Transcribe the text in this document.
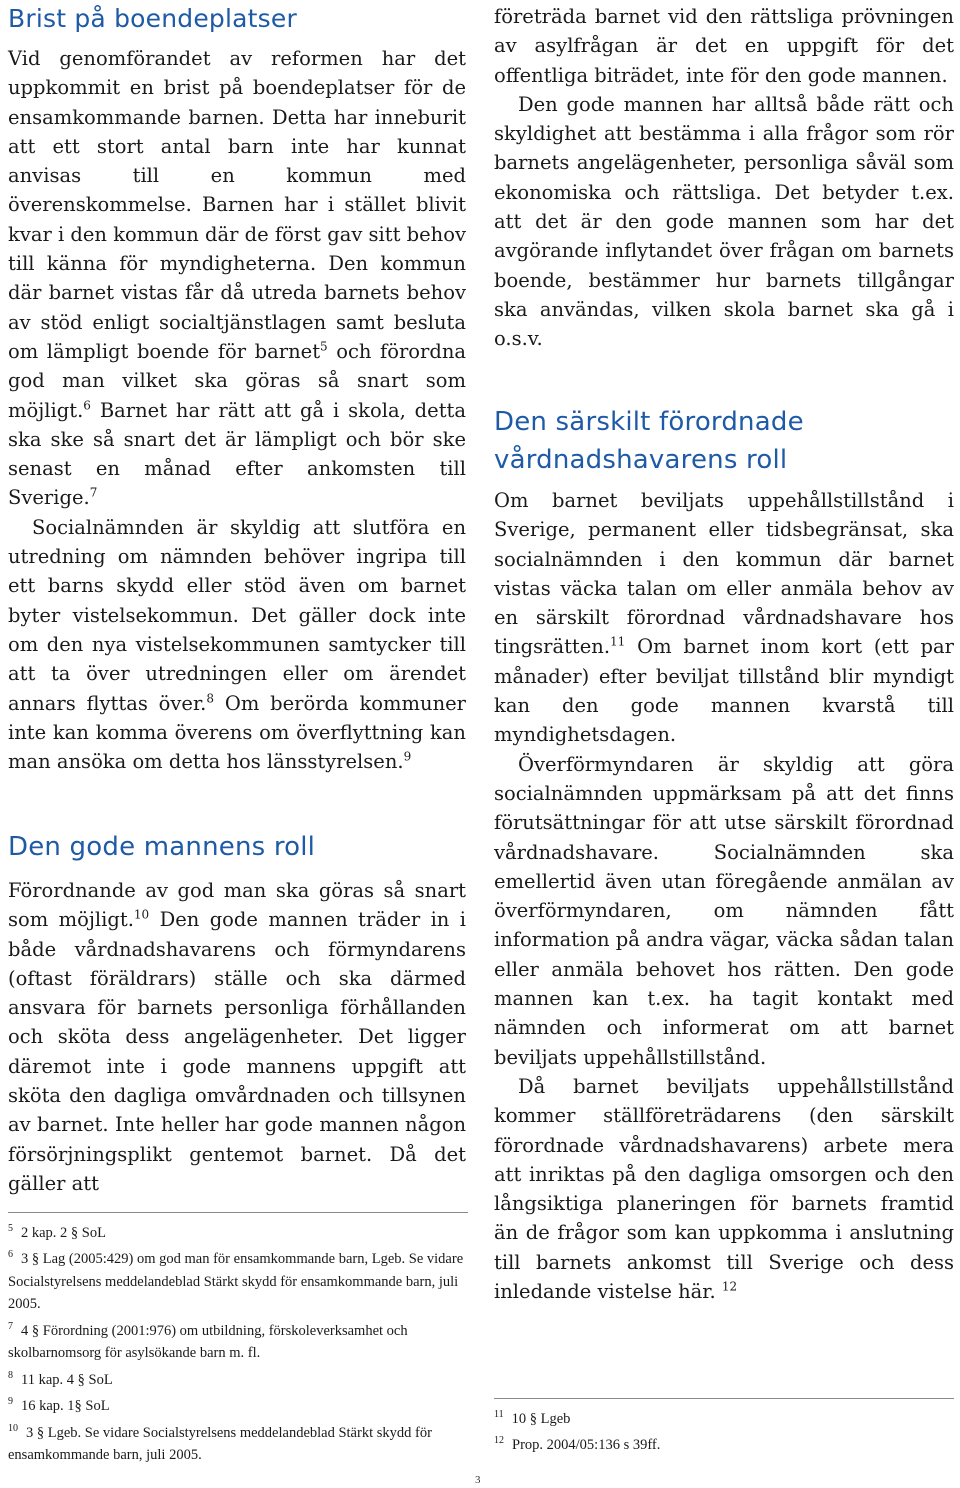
Brist på boendeplatser

Vid genomförandet av reformen har det uppkommit en brist på boendeplatser för de ensamkommande barnen. Detta har inneburit att ett stort antal barn inte har kunnat anvisas till en kommun med överenskommelse. Barnen har i stället blivit kvar i den kommun där de först gav sitt behov till känna för myndigheterna. Den kommun där barnet vistas får då utreda barnets behov av stöd enligt socialtjänstlagen samt besluta om lämpligt boende för barnet$^5$ och förordna god man vilket ska göras så snart som möjligt.$^6$ Barnet har rätt att gå i skola, detta ska ske så snart det är lämpligt och bör ske senast en månad efter ankomsten till Sverige.$^7$

Socialnämnden är skyldig att slutföra en utredning om nämnden behöver ingripa till ett barns skydd eller stöd även om barnet byter vistelsekommun. Det gäller dock inte om den nya vistelsekommunen samtycker till att ta över utredningen eller om ärendet annars flyttas över.$^8$ Om berörda kommuner inte kan komma överens om överflyttning kan man ansöka om detta hos länsstyrelsen.$^9$

Den gode mannens roll

Förordnande av god man ska göras så snart som möjligt.$^{10}$ Den gode mannen träder in i både vårdnadshavarens och förmyndarens (oftast föräldrars) ställe och ska därmed ansvara för barnets personliga förhållanden och sköta dess angelägenheter. Det ligger däremot inte i gode mannens uppgift att sköta den dagliga omvårdnaden och tillsynen av barnet. Inte heller har gode mannen någon försörjningsplikt gentemot barnet. Då det gäller att

$^5$ 2 kap. 2 § SoL

$^6$ 3 § Lag (2005:429) om god man för ensamkommande barn, Lgeb. Se vidare Socialstyrelsens meddelandeblad Stärkt skydd för ensamkommande barn, juli 2005.

$^7$ 4 § Förordning (2001:976) om utbildning, förskoleverksamhet och skolbarnomsorg för asylsökande barn m. fl.

$^8$ 11 kap. 4 § SoL

$^9$ 16 kap. 1§ SoL

$^{10}$ 3 § Lgeb. Se vidare Socialstyrelsens meddelandeblad Stärkt skydd för ensamkommande barn, juli 2005.

företräda barnet vid den rättsliga prövningen av asylfrågan är det en uppgift för det offentliga biträdet, inte för den gode mannen.

Den gode mannen har alltså både rätt och skyldighet att bestämma i alla frågor som rör barnets angelägenheter, personliga såväl som ekonomiska och rättsliga. Det betyder t.ex. att det är den gode mannen som har det avgörande inflytandet över frågan om barnets boende, bestämmer hur barnets tillgångar ska användas, vilken skola barnet ska gå i o.s.v.

Den särskilt förordnade vårdnadshavarens roll

Om barnet beviljats uppehållstillstånd i Sverige, permanent eller tidsbegränsat, ska socialnämnden i den kommun där barnet vistas väcka talan om eller anmäla behov av en särskilt förordnad vårdnadshavare hos tingsrätten.$^{11}$ Om barnet inom kort (ett par månader) efter beviljat tillstånd blir myndigt kan den gode mannen kvarstå till myndighetsdagen.

Överförmyndaren är skyldig att göra socialnämnden uppmärksam på att det finns förutsättningar för att utse särskilt förordnad vårdnadshavare. Socialnämnden ska emellertid även utan föregående anmälan av överförmyndaren, om nämnden fått information på andra vägar, väcka sådan talan eller anmäla behovet hos rätten. Den gode mannen kan t.ex. ha tagit kontakt med nämnden och informerat om att barnet beviljats uppehållstillstånd.

Då barnet beviljats uppehållstillstånd kommer ställföreträdarens (den särskilt förordnade vårdnadshavarens) arbete mera att inriktas på den dagliga omsorgen och den långsiktiga planeringen för barnets framtid än de frågor som kan uppkomma i anslutning till barnets ankomst till Sverige och dess inledande vistelse här. $^{12}$

$^{11}$ 10 § Lgeb

$^{12}$ Prop. 2004/05:136 s 39ff.

3
